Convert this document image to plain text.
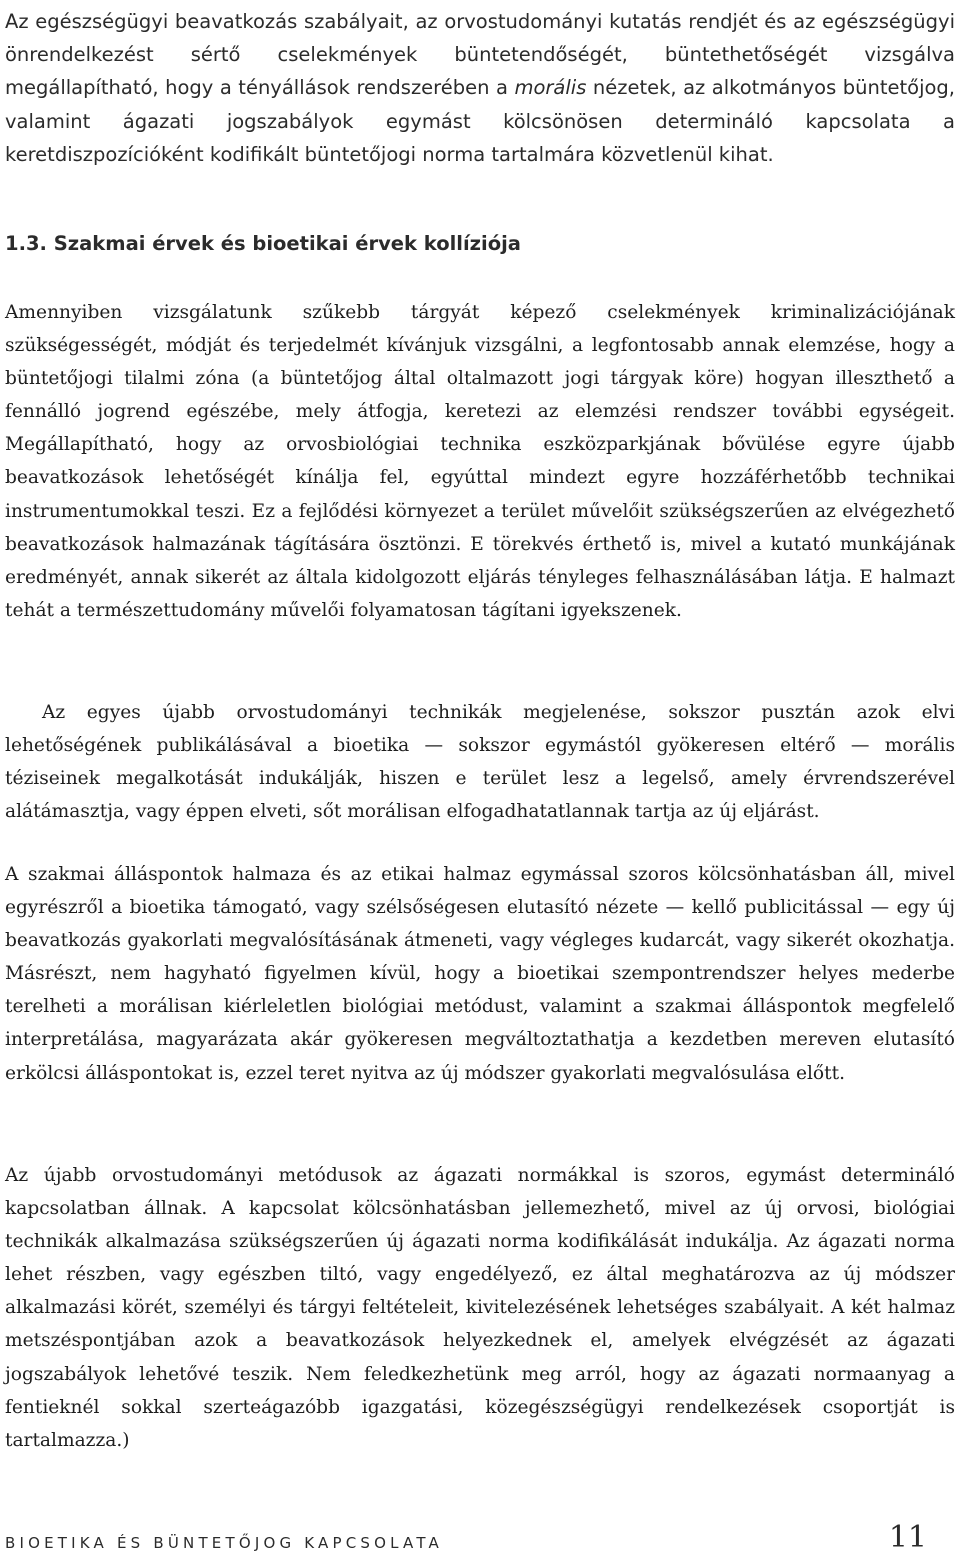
Az egészségügyi beavatkozás szabályait, az orvostudományi kutatás rendjét és az egészségügyi önrendelkezést sértő cselekmények büntetendőségét, büntethetőségét vizsgálva megállapítható, hogy a tényállások rendszerében a morális nézetek, az alkotmányos büntetőjog, valamint ágazati jogszabályok egymást kölcsönösen determináló kapcsolata a keretdiszpozícióként kodifikált büntetőjogi norma tartalmára közvetlenül kihat.

1.3. Szakmai érvek és bioetikai érvek kollíziója

Amennyiben vizsgálatunk szűkebb tárgyát képező cselekmények kriminalizációjának szükségességét, módját és terjedelmét kívánjuk vizsgálni, a legfontosabb annak elemzése, hogy a büntetőjogi tilalmi zóna (a büntetőjog által oltalmazott jogi tárgyak köre) hogyan illeszthető a fennálló jogrend egészébe, mely átfogja, keretezi az elemzési rendszer további egységeit. Megállapítható, hogy az orvosbiológiai technika eszközparkjának bővülése egyre újabb beavatkozások lehetőségét kínálja fel, egyúttal mindezt egyre hozzáférhetőbb technikai instrumentumokkal teszi. Ez a fejlődési környezet a terület művelőit szükségszerűen az elvégezhető beavatkozások halmazának tágítására ösztönzi. E törekvés érthető is, mivel a kutató munkájának eredményét, annak sikerét az általa kidolgozott eljárás tényleges felhasználásában látja. E halmazt tehát a természettudomány művelői folyamatosan tágítani igyekszenek.

Az egyes újabb orvostudományi technikák megjelenése, sokszor pusztán azok elvi lehetőségének publikálásával a bioetika — sokszor egymástól gyökeresen eltérő — morális téziseinek megalkotását indukálják, hiszen e terület lesz a legelső, amely érvrendszerével alátámasztja, vagy éppen elveti, sőt morálisan elfogadhatatlannak tartja az új eljárást.

A szakmai álláspontok halmaza és az etikai halmaz egymással szoros kölcsönhatásban áll, mivel egyrészről a bioetika támogató, vagy szélsőségesen elutasító nézete — kellő publicitással — egy új beavatkozás gyakorlati megvalósításának átmeneti, vagy végleges kudarcát, vagy sikerét okozhatja. Másrészt, nem hagyható figyelmen kívül, hogy a bioetikai szempontrendszer helyes mederbe terelheti a morálisan kiérleletlen biológiai metódust, valamint a szakmai álláspontok megfelelő interpretálása, magyarázata akár gyökeresen megváltoztathatja a kezdetben mereven elutasító erkölcsi álláspontokat is, ezzel teret nyitva az új módszer gyakorlati megvalósulása előtt.

Az újabb orvostudományi metódusok az ágazati normákkal is szoros, egymást determináló kapcsolatban állnak. A kapcsolat kölcsönhatásban jellemezhető, mivel az új orvosi, biológiai technikák alkalmazása szükségszerűen új ágazati norma kodifikálását indukálja. Az ágazati norma lehet részben, vagy egészben tiltó, vagy engedélyező, ez által meghatározva az új módszer alkalmazási körét, személyi és tárgyi feltételeit, kivitelezésének lehetséges szabályait. A két halmaz metszéspontjában azok a beavatkozások helyezkednek el, amelyek elvégzését az ágazati jogszabályok lehetővé teszik. Nem feledkezhetünk meg arról, hogy az ágazati normaanyag a fentieknél sokkal szerteágazóbb igazgatási, közegészségügyi rendelkezések csoportját is tartalmazza.)

BIOETIKA ÉS BÜNTETŐJOG KAPCSOLATA	11
